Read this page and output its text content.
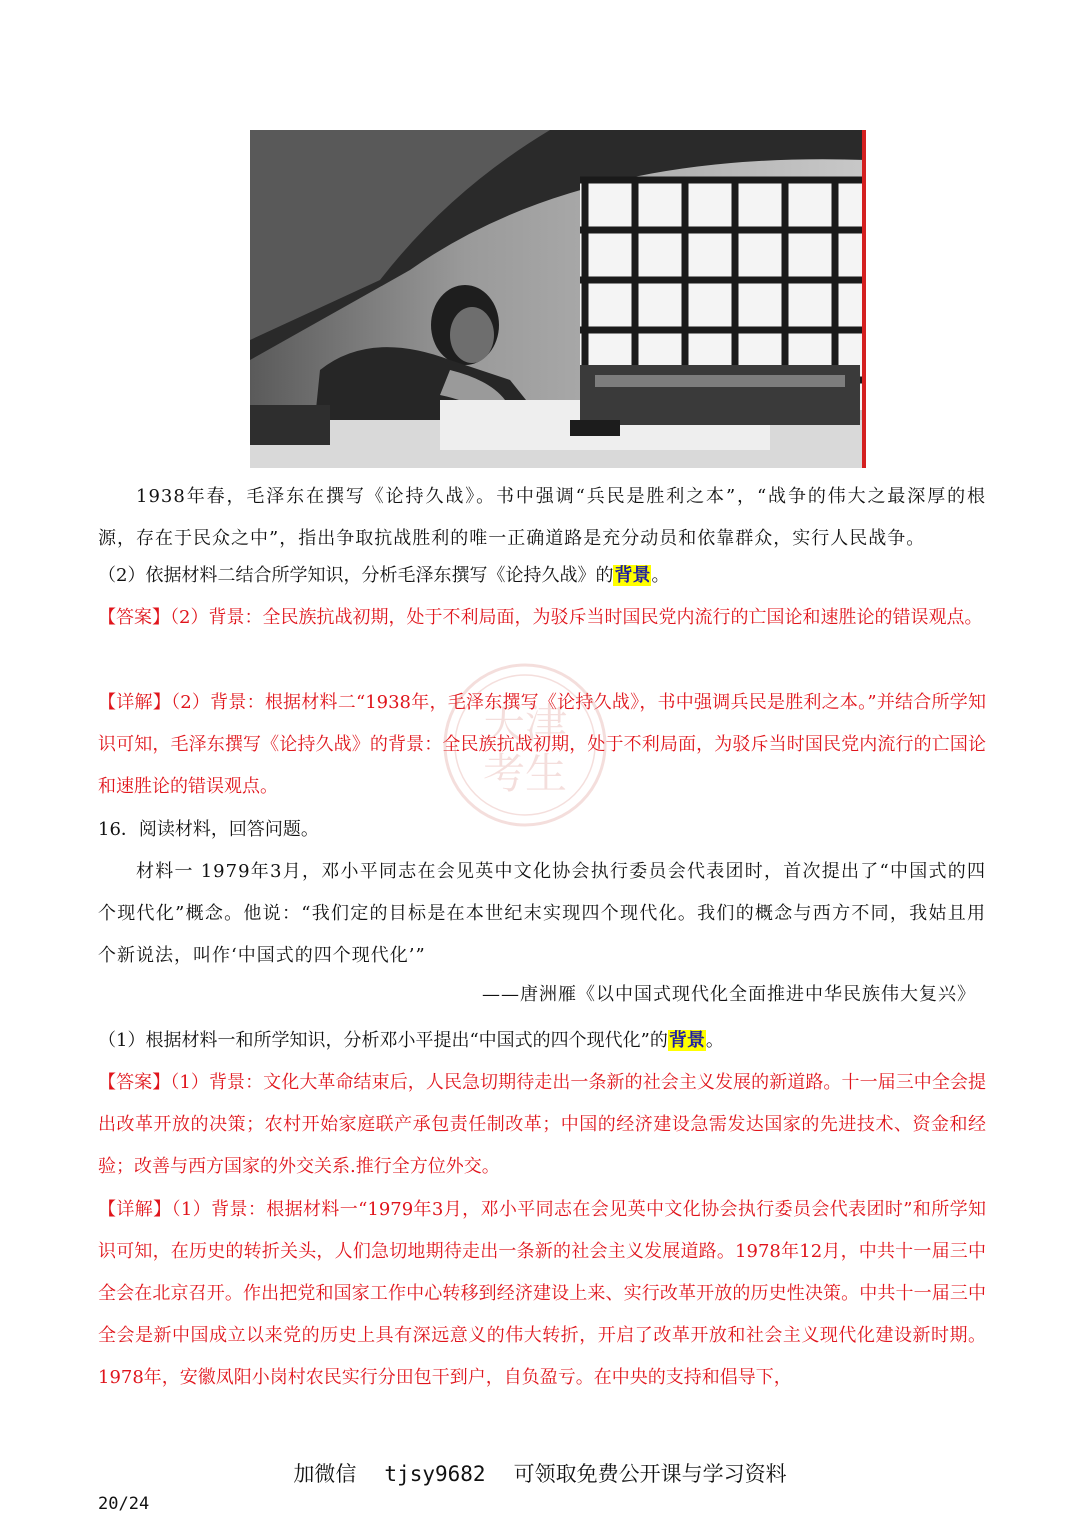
1938年春，毛泽东在撰写《论持久战》。书中强调“兵民是胜利之本”，“战争的伟大之最深厚的根源，存在于民众之中”，指出争取抗战胜利的唯一正确道路是充分动员和依靠群众，实行人民战争。
（2）依据材料二结合所学知识，分析毛泽东撰写《论持久战》的背景。
【答案】（2）背景：全民族抗战初期，处于不利局面，为驳斥当时国民党内流行的亡国论和速胜论的错误观点。
【详解】（2）背景：根据材料二“1938年，毛泽东撰写《论持久战》，书中强调兵民是胜利之本。”并结合所学知识可知，毛泽东撰写《论持久战》的背景：全民族抗战初期，处于不利局面，为驳斥当时国民党内流行的亡国论和速胜论的错误观点。
16．阅读材料，回答问题。
材料一 1979年3月，邓小平同志在会见英中文化协会执行委员会代表团时，首次提出了“中国式的四个现代化”概念。他说：“我们定的目标是在本世纪末实现四个现代化。我们的概念与西方不同，我姑且用个新说法，叫作‘中国式的四个现代化’”
——唐洲雁《以中国式现代化全面推进中华民族伟大复兴》
（1）根据材料一和所学知识，分析邓小平提出“中国式的四个现代化”的背景。
【答案】（1）背景：文化大革命结束后，人民急切期待走出一条新的社会主义发展的新道路。十一届三中全会提出改革开放的决策；农村开始家庭联产承包责任制改革；中国的经济建设急需发达国家的先进技术、资金和经验；改善与西方国家的外交关系.推行全方位外交。
【详解】（1）背景：根据材料一“1979年3月，邓小平同志在会见英中文化协会执行委员会代表团时”和所学知识可知，在历史的转折关头，人们急切地期待走出一条新的社会主义发展道路。1978年12月，中共十一届三中全会在北京召开。作出把党和国家工作中心转移到经济建设上来、实行改革开放的历史性决策。中共十一届三中全会是新中国成立以来党的历史上具有深远意义的伟大转折，开启了改革开放和社会主义现代化建设新时期。1978年，安徽凤阳小岗村农民实行分田包干到户，自负盈亏。在中央的支持和倡导下，
天津
考生
加微信 tjsy9682 可领取免费公开课与学习资料
20/24
